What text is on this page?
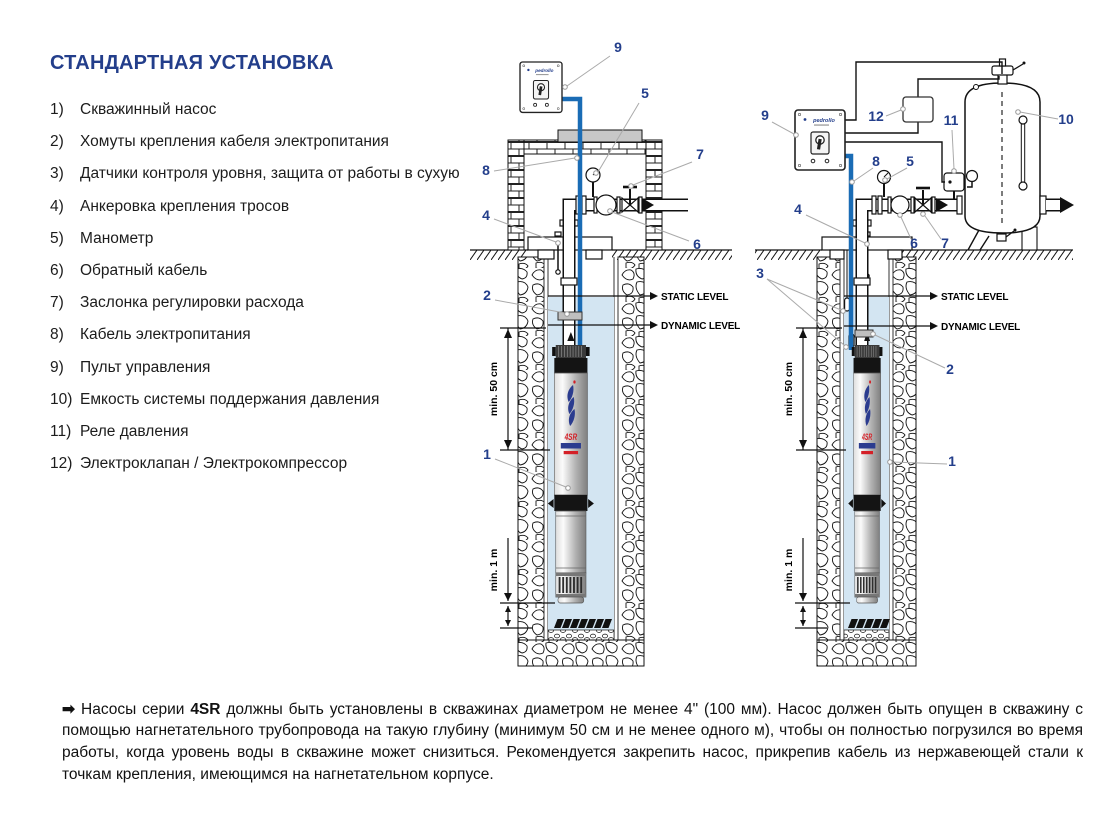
СТАНДАРТНАЯ УСТАНОВКА
1)	Скважинный насос
2)	Хомуты крепления кабеля электропитания
3)	Датчики контроля уровня, защита от работы в сухую
4)	Анкеровка крепления тросов
5)	Манометр
6)	Обратный кабель
7)	Заслонка регулировки расхода
8)	Кабель электропитания
9)	Пульт управления
10) Емкость системы поддержания давления
11) Реле давления
12) Электроклапан / Электрокомпрессор
4SR
pedrollo
STATIC LEVEL
DYNAMIC LEVEL
min. 50 cm
min. 1 m
9
5
8
7
4
6
2
1
STATIC LEVEL
DYNAMIC LEVEL
min. 50 cm
min. 1 m
9	12	11	10
8 5
4
6 7
3
2
1

➡ Насосы серии 4SR должны быть установлены в скважинах диаметром не менее 4" (100 мм). Насос должен быть опущен в скважину с помощью нагнетательного трубопровода на такую глубину (минимум 50 см и не менее одного м), чтобы он полностью погрузился во время работы, когда уровень воды в скважине может снизиться. Рекомендуется закрепить насос, прикрепив кабель из нержавеющей стали к точкам крепления, имеющимся на нагнетательном корпусе.
